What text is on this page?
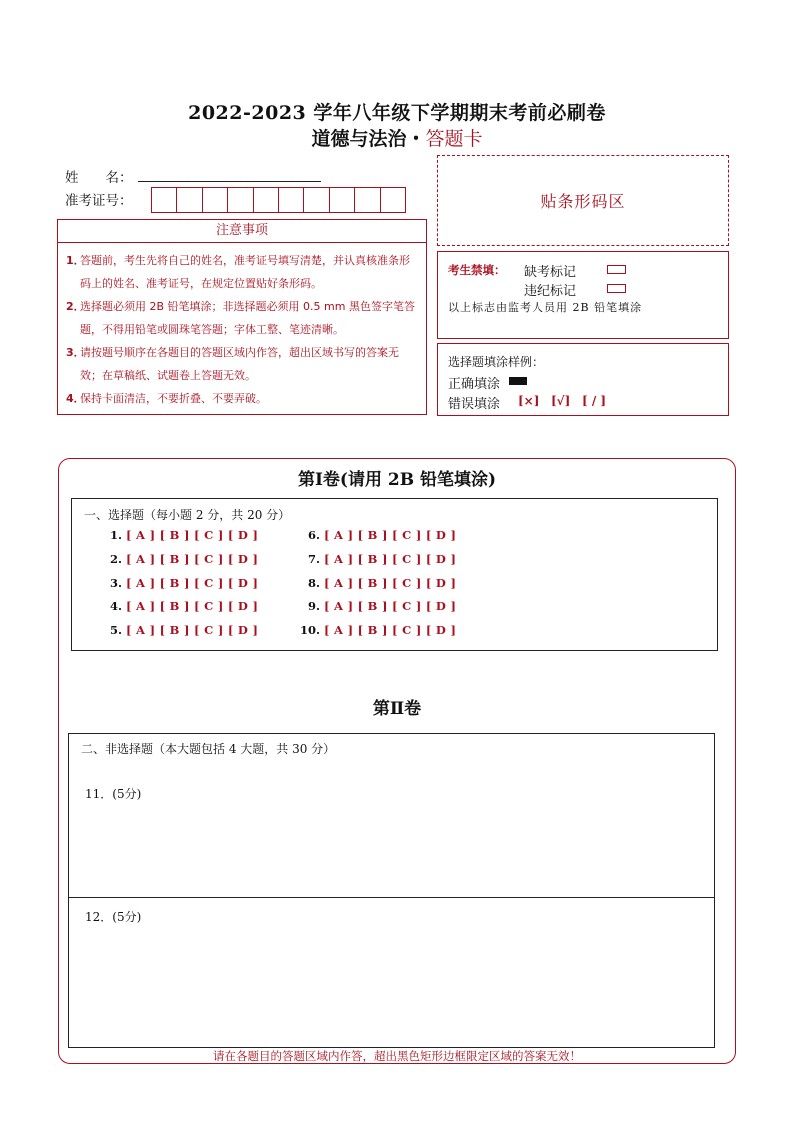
2022-2023 学年八年级下学期期末考前必刷卷
道德与法治・答题卡
姓　　名：
准考证号：	贴条形码区
注意事项
1．
答题前，考生先将自己的姓名，准考证号填写清楚，并认真核准条形码上的姓名、准考证号，在规定位置贴好条形码。
2．
选择题必须用 2B 铅笔填涂；非选择题必须用 0.5 mm 黑色签字笔答题，不得用铅笔或圆珠笔答题；字体工整、笔迹清晰。
3．
请按题号顺序在各题目的答题区域内作答，超出区域书写的答案无效；在草稿纸、试题卷上答题无效。
4．
保持卡面清洁，不要折叠、不要弄破。
考生禁填： 缺考标记
违纪标记
以上标志由监考人员用 2B 铅笔填涂
选择题填涂样例：
正确填涂
错误填涂 [×] [√] [ / ]
第Ⅰ卷(请用 2B 铅笔填涂)
一、选择题（每小题 2 分，共 20 分）
1. [ A ] [ B ] [ C ] [ D ]
2. [ A ] [ B ] [ C ] [ D ]
3. [ A ] [ B ] [ C ] [ D ]
4. [ A ] [ B ] [ C ] [ D ]
5. [ A ] [ B ] [ C ] [ D ]
6. [ A ] [ B ] [ C ] [ D ]
7. [ A ] [ B ] [ C ] [ D ]
8. [ A ] [ B ] [ C ] [ D ]
9. [ A ] [ B ] [ C ] [ D ]
10. [ A ] [ B ] [ C ] [ D ]
第Ⅱ卷
二、非选择题（本大题包括 4 大题，共 30 分）
11．(5分)
12．(5分)
请在各题目的答题区域内作答，超出黑色矩形边框限定区域的答案无效！
